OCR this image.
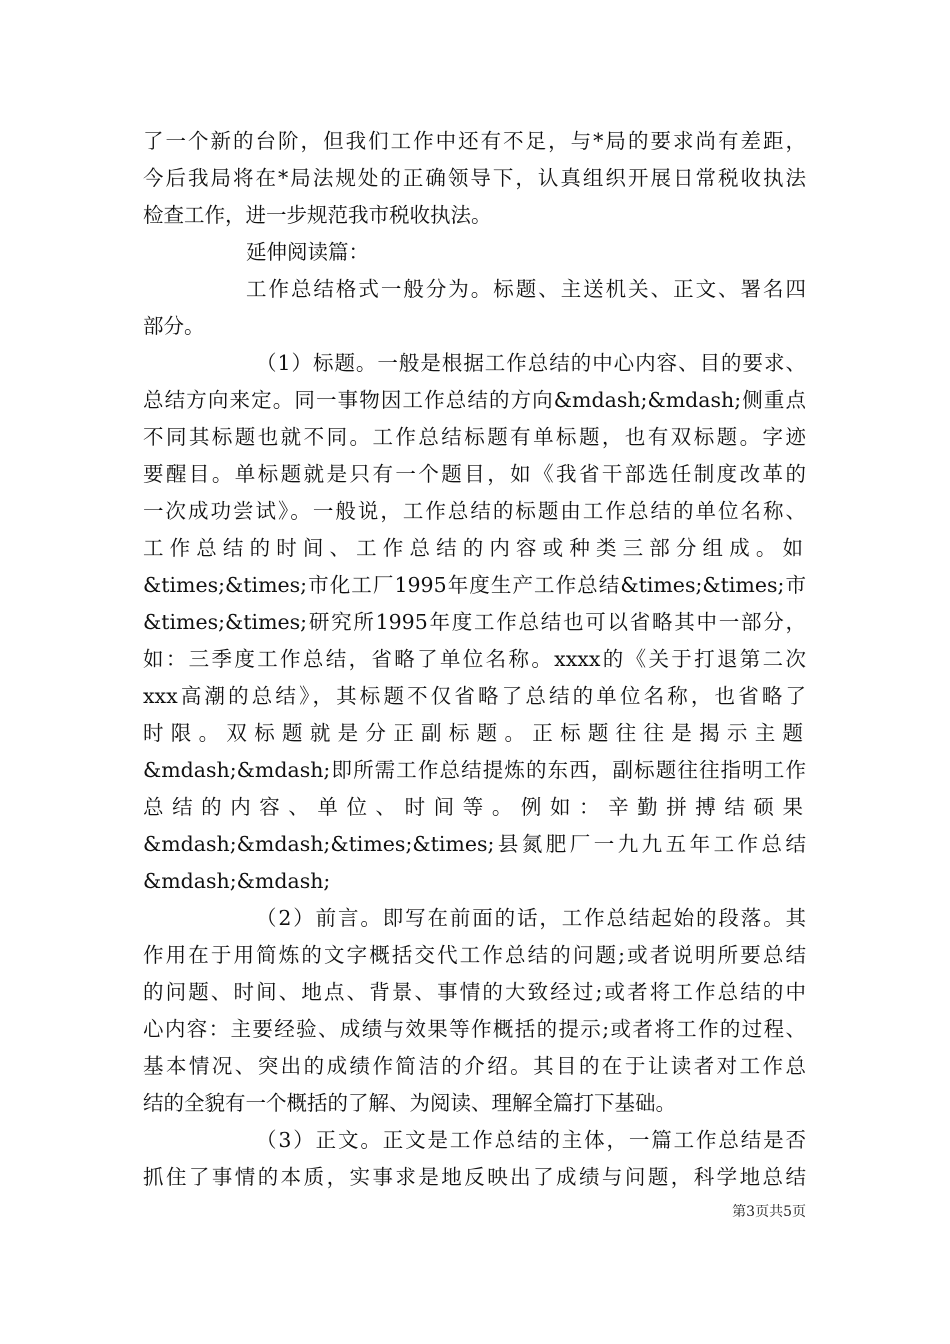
了一个新的台阶，但我们工作中还有不足，与*局的要求尚有差距，
今后我局将在*局法规处的正确领导下，认真组织开展日常税收执法
检查工作，进一步规范我市税收执法。
延伸阅读篇：
工作总结格式一般分为。标题、主送机关、正文、署名四
部分。
（1）标题。一般是根据工作总结的中心内容、目的要求、
总结方向来定。同一事物因工作总结的方向&mdash;&mdash;侧重点
不同其标题也就不同。工作总结标题有单标题，也有双标题。字迹
要醒目。单标题就是只有一个题目，如《我省干部选任制度改革的
一次成功尝试》。一般说，工作总结的标题由工作总结的单位名称、
工作总结的时间、工作总结的内容或种类三部分组成。如
&times;&times;市化工厂1995年度生产工作总结&times;&times;市
&times;&times;研究所1995年度工作总结也可以省略其中一部分，
如：三季度工作总结，省略了单位名称。xxxx的《关于打退第二次
xxx高潮的总结》，其标题不仅省略了总结的单位名称，也省略了
时限。双标题就是分正副标题。正标题往往是揭示主题
&mdash;&mdash;即所需工作总结提炼的东西，副标题往往指明工作
总结的内容、单位、时间等。例如：辛勤拼搏结硕果
&mdash;&mdash;&times;&times;县氮肥厂一九九五年工作总结
&mdash;&mdash;
（2）前言。即写在前面的话，工作总结起始的段落。其
作用在于用简炼的文字概括交代工作总结的问题;或者说明所要总结
的问题、时间、地点、背景、事情的大致经过;或者将工作总结的中
心内容：主要经验、成绩与效果等作概括的提示;或者将工作的过程、
基本情况、突出的成绩作简洁的介绍。其目的在于让读者对工作总
结的全貌有一个概括的了解、为阅读、理解全篇打下基础。
（3）正文。正文是工作总结的主体，一篇工作总结是否
抓住了事情的本质，实事求是地反映出了成绩与问题，科学地总结
第3页共5页
